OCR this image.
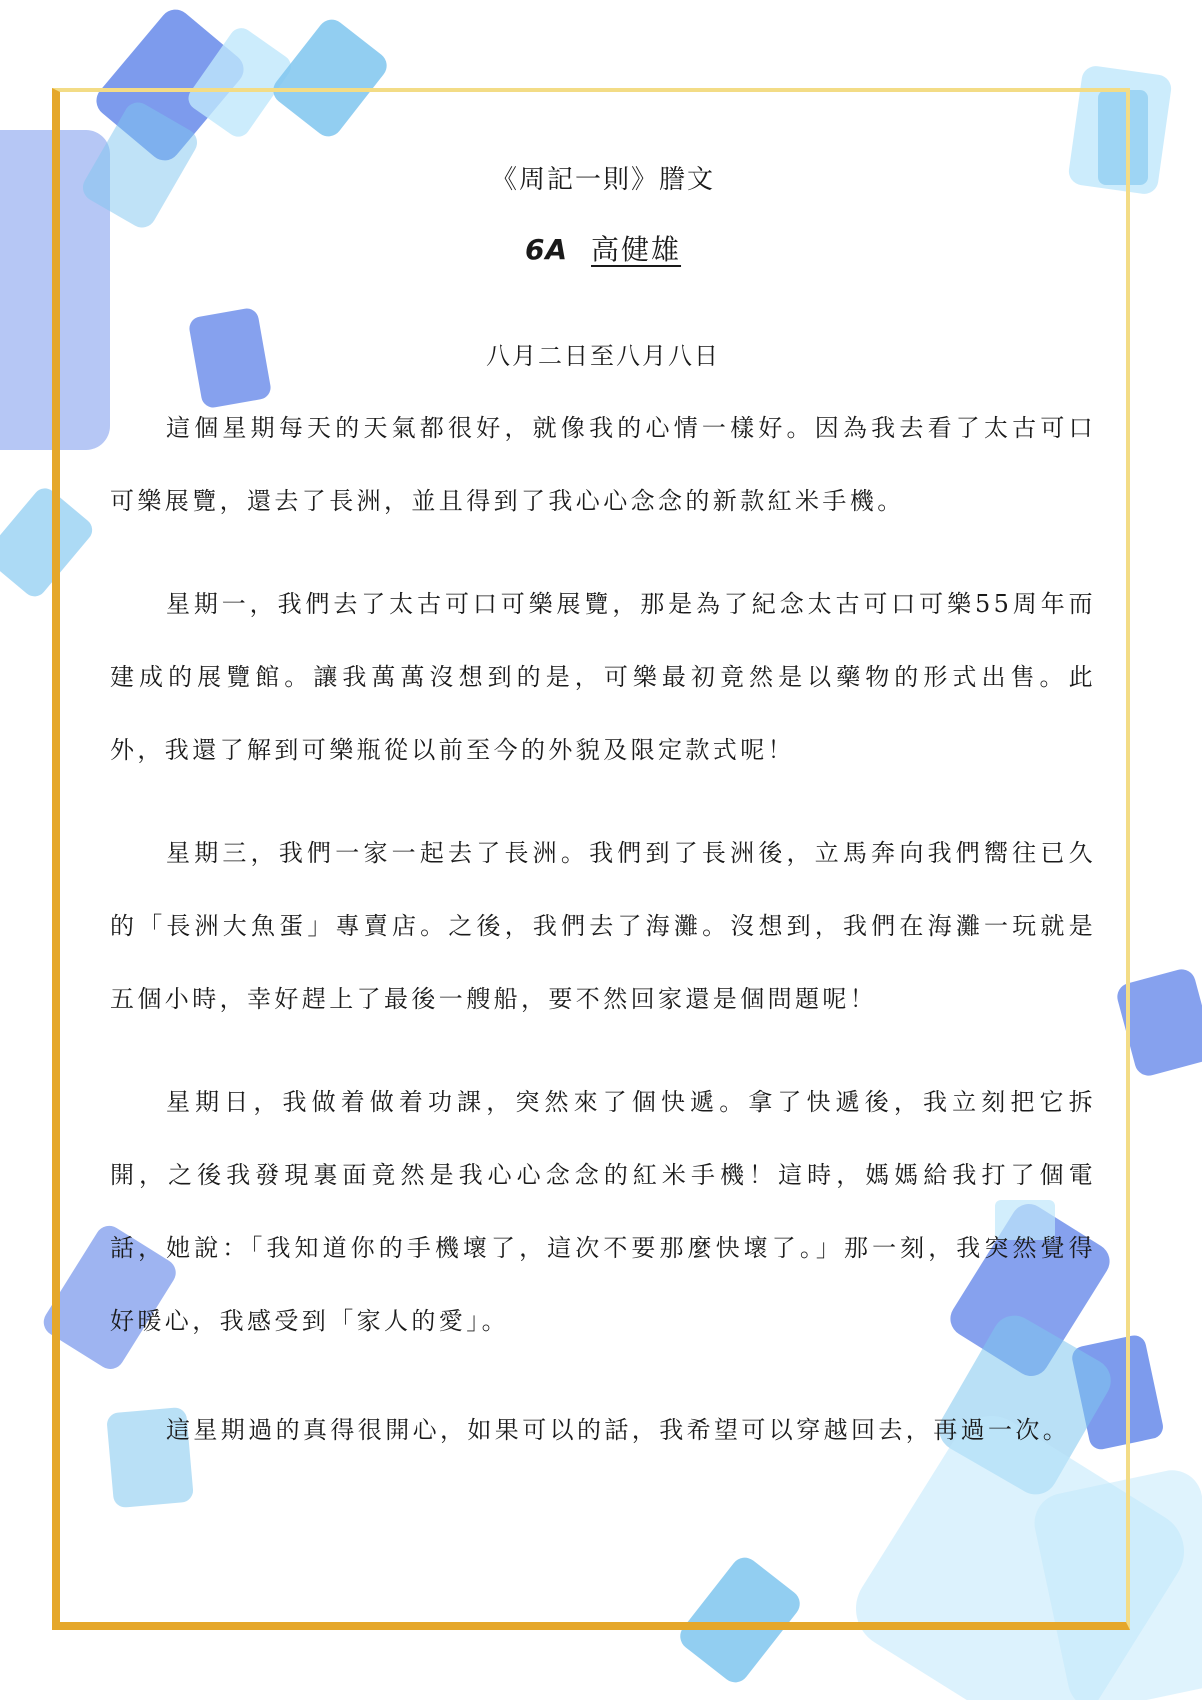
《周記一則》謄文
6A 高健雄
八月二日至八月八日

這個星期每天的天氣都很好，就像我的心情一樣好。因為我去看了太古可口可樂展覽，還去了長洲，並且得到了我心心念念的新款紅米手機。

星期一，我們去了太古可口可樂展覽，那是為了紀念太古可口可樂55周年而建成的展覽館。讓我萬萬沒想到的是，可樂最初竟然是以藥物的形式出售。此外，我還了解到可樂瓶從以前至今的外貌及限定款式呢！

星期三，我們一家一起去了長洲。我們到了長洲後，立馬奔向我們嚮往已久的「長洲大魚蛋」專賣店。之後，我們去了海灘。沒想到，我們在海灘一玩就是五個小時，幸好趕上了最後一艘船，要不然回家還是個問題呢！

星期日，我做着做着功課，突然來了個快遞。拿了快遞後，我立刻把它拆開，之後我發現裏面竟然是我心心念念的紅米手機！這時，媽媽給我打了個電話，她說：「我知道你的手機壞了，這次不要那麼快壞了。」那一刻，我突然覺得好暖心，我感受到「家人的愛」。

這星期過的真得很開心，如果可以的話，我希望可以穿越回去，再過一次。
